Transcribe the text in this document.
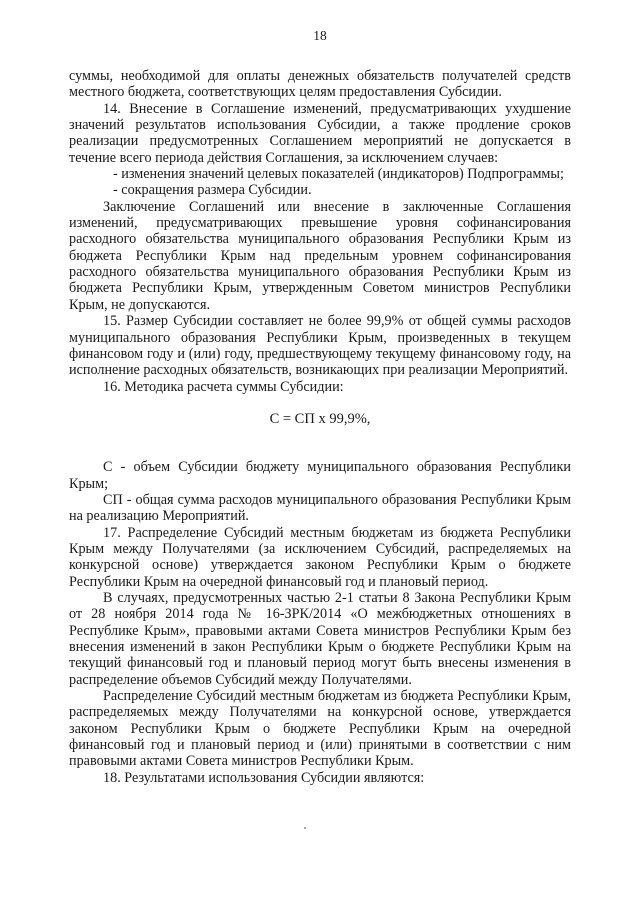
18

суммы, необходимой для оплаты денежных обязательств получателей средств местного бюджета, соответствующих целям предоставления Субсидии.

14. Внесение в Соглашение изменений, предусматривающих ухудшение значений результатов использования Субсидии, а также продление сроков реализации предусмотренных Соглашением мероприятий не допускается в течение всего периода действия Соглашения, за исключением случаев:

- изменения значений целевых показателей (индикаторов) Подпрограммы;

- сокращения размера Субсидии.

Заключение Соглашений или внесение в заключенные Соглашения изменений, предусматривающих превышение уровня софинансирования расходного обязательства муниципального образования Республики Крым из бюджета Республики Крым над предельным уровнем софинансирования расходного обязательства муниципального образования Республики Крым из бюджета Республики Крым, утвержденным Советом министров Республики Крым, не допускаются.

15. Размер Субсидии составляет не более 99,9% от общей суммы расходов муниципального образования Республики Крым, произведенных в текущем финансовом году и (или) году, предшествующему текущему финансовому году, на исполнение расходных обязательств, возникающих при реализации Мероприятий.

16. Методика расчета суммы Субсидии:

С = СП х 99,9%,

С - объем Субсидии бюджету муниципального образования Республики Крым;

СП - общая сумма расходов муниципального образования Республики Крым на реализацию Мероприятий.

17. Распределение Субсидий местным бюджетам из бюджета Республики Крым между Получателями (за исключением Субсидий, распределяемых на конкурсной основе) утверждается законом Республики Крым о бюджете Республики Крым на очередной финансовый год и плановый период.

В случаях, предусмотренных частью 2-1 статьи 8 Закона Республики Крым от 28 ноября 2014 года № 16-ЗРК/2014 «О межбюджетных отношениях в Республике Крым», правовыми актами Совета министров Республики Крым без внесения изменений в закон Республики Крым о бюджете Республики Крым на текущий финансовый год и плановый период могут быть внесены изменения в распределение объемов Субсидий между Получателями.

Распределение Субсидий местным бюджетам из бюджета Республики Крым, распределяемых между Получателями на конкурсной основе, утверждается законом Республики Крым о бюджете Республики Крым на очередной финансовый год и плановый период и (или) принятыми в соответствии с ним правовыми актами Совета министров Республики Крым.

18. Результатами использования Субсидии являются:
